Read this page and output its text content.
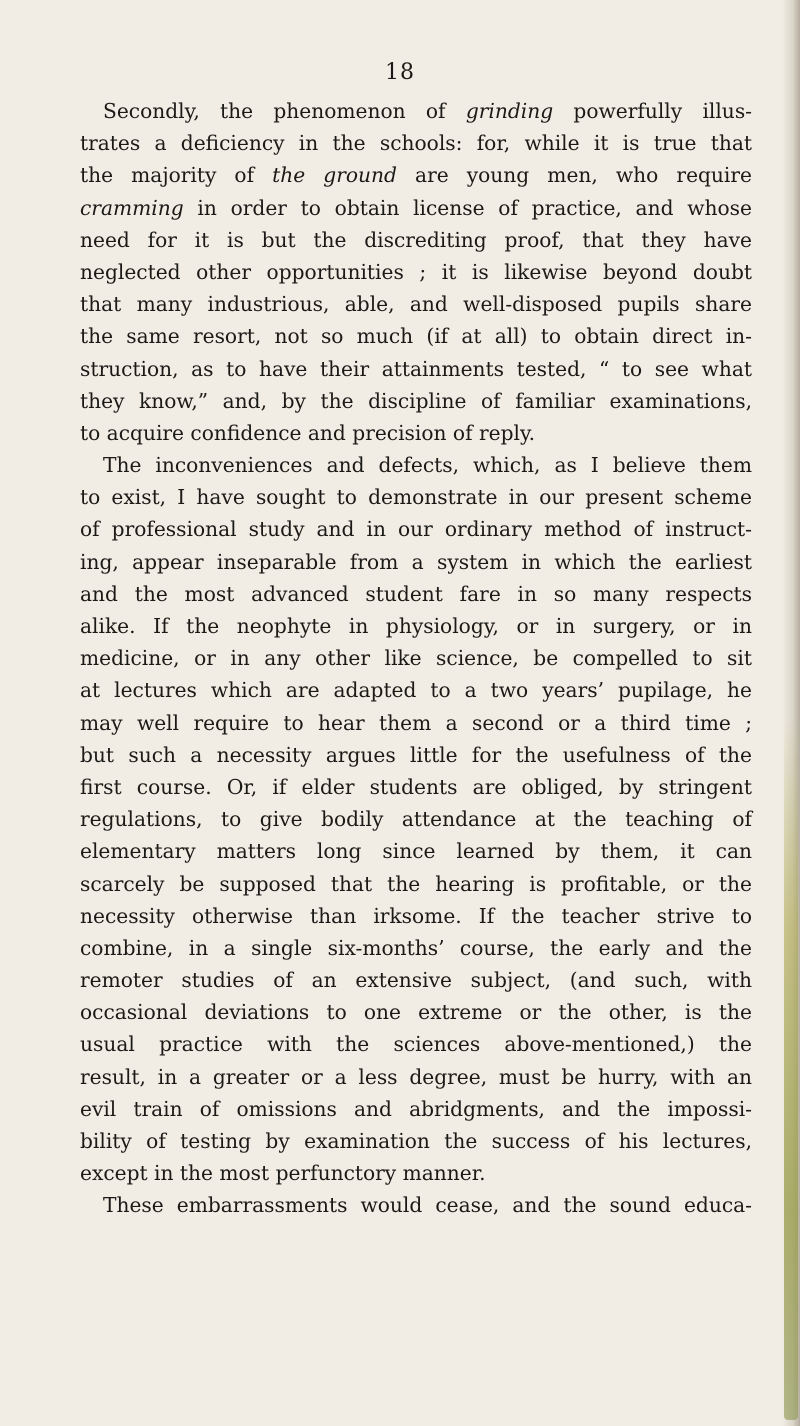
18
Secondly, the phenomenon of grinding powerfully illus-
trates a deficiency in the schools: for, while it is true that
the majority of the ground are young men, who require
cramming in order to obtain license of practice, and whose
need for it is but the discrediting proof, that they have
neglected other opportunities ; it is likewise beyond doubt
that many industrious, able, and well-disposed pupils share
the same resort, not so much (if at all) to obtain direct in-
struction, as to have their attainments tested, “ to see what
they know,” and, by the discipline of familiar examinations,
to acquire confidence and precision of reply.
The inconveniences and defects, which, as I believe them
to exist, I have sought to demonstrate in our present scheme
of professional study and in our ordinary method of instruct-
ing, appear inseparable from a system in which the earliest
and the most advanced student fare in so many respects
alike. If the neophyte in physiology, or in surgery, or in
medicine, or in any other like science, be compelled to sit
at lectures which are adapted to a two years’ pupilage, he
may well require to hear them a second or a third time ;
but such a necessity argues little for the usefulness of the
first course. Or, if elder students are obliged, by stringent
regulations, to give bodily attendance at the teaching of
elementary matters long since learned by them, it can
scarcely be supposed that the hearing is profitable, or the
necessity otherwise than irksome. If the teacher strive to
combine, in a single six-months’ course, the early and the
remoter studies of an extensive subject, (and such, with
occasional deviations to one extreme or the other, is the
usual practice with the sciences above-mentioned,) the
result, in a greater or a less degree, must be hurry, with an
evil train of omissions and abridgments, and the impossi-
bility of testing by examination the success of his lectures,
except in the most perfunctory manner.
These embarrassments would cease, and the sound educa-
